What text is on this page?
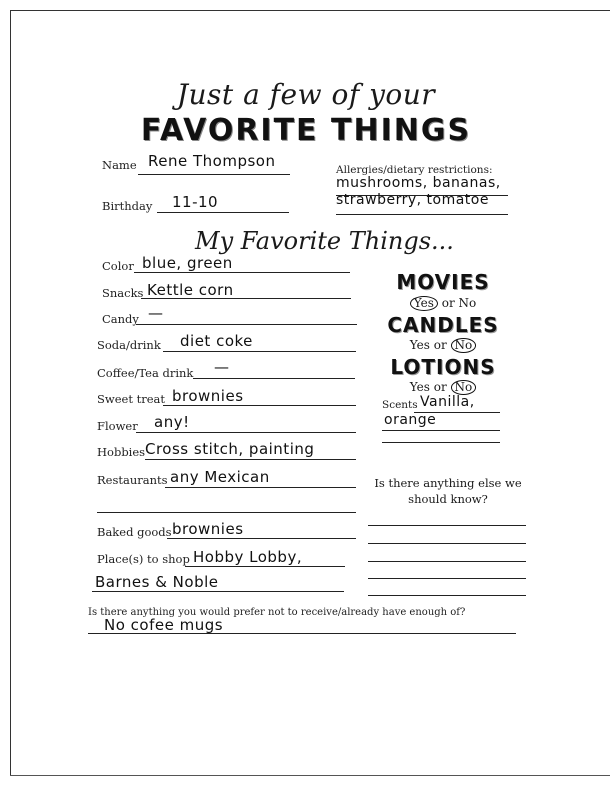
Just a few of your
FAVORITE THINGS
Name Rene Thompson
Birthday 11-10
Allergies/dietary restrictions:
mushrooms, bananas,
strawberry, tomatoe
My Favorite Things...
Color blue, green
Snacks Kettle corn
Candy —
Soda/drink diet coke
Coffee/Tea drink —
Sweet treat brownies
Flower any!
Hobbies Cross stitch, painting
Restaurants any Mexican
Baked goods brownies
Place(s) to shop Hobby Lobby,
Barnes & Noble
MOVIES
Yes or No
CANDLES
Yes or No
LOTIONS
Yes or No
Scents Vanilla,
orange
Is there anything else we should know?
Is there anything you would prefer not to receive/already have enough of?
No cofee mugs
